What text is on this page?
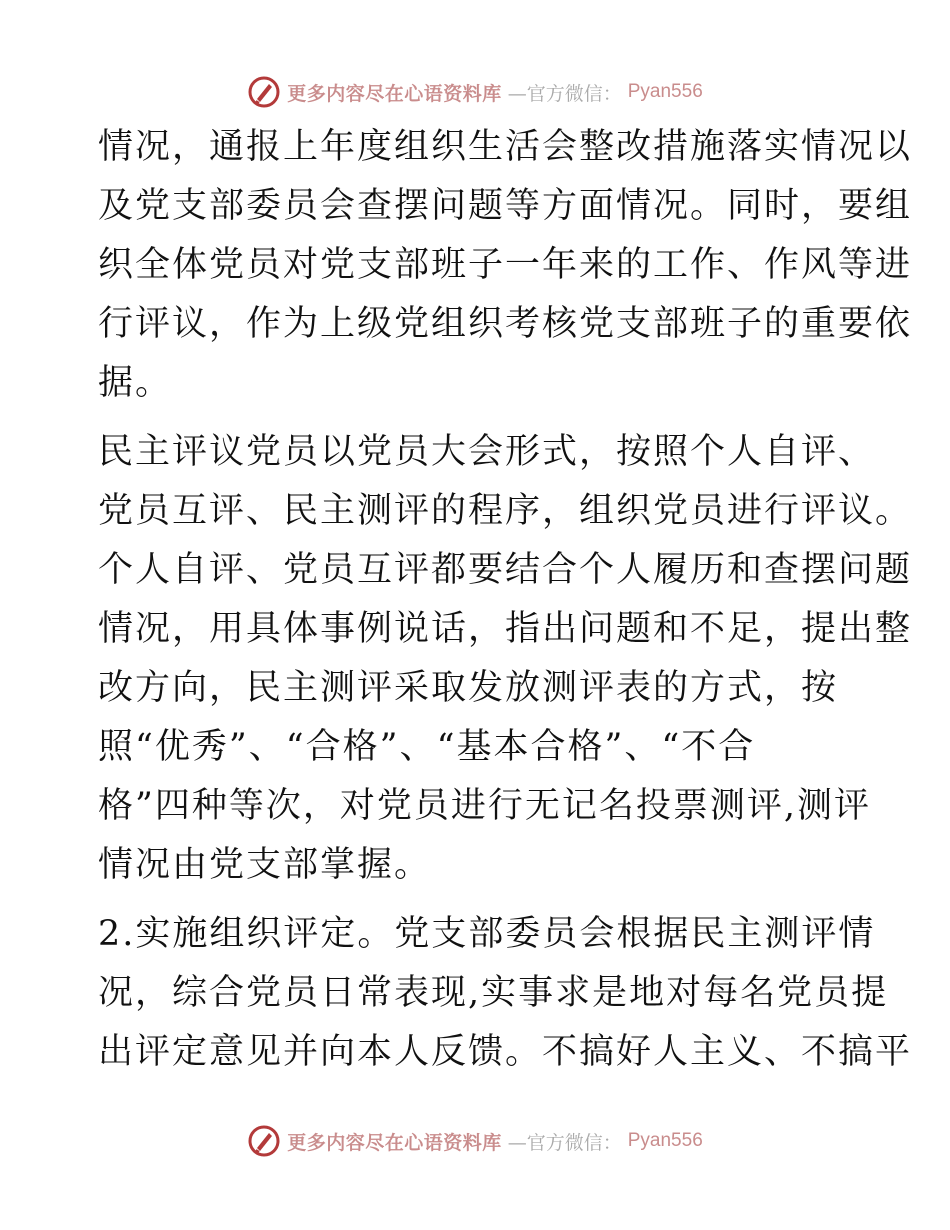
更多内容尽在心语资料库 —官方微信： Pyan556

情况，通报上年度组织生活会整改措施落实情况以
及党支部委员会查摆问题等方面情况。同时，要组
织全体党员对党支部班子一年来的工作、作风等进
行评议，作为上级党组织考核党支部班子的重要依
据。

民主评议党员以党员大会形式，按照个人自评、
党员互评、民主测评的程序，组织党员进行评议。
个人自评、党员互评都要结合个人履历和查摆问题
情况，用具体事例说话，指出问题和不足，提出整
改方向，民主测评采取发放测评表的方式，按
照“优秀”、“合格”、“基本合格”、“不合
格”四种等次，对党员进行无记名投票测评,测评
情况由党支部掌握。

2.实施组织评定。党支部委员会根据民主测评情
况，综合党员日常表现,实事求是地对每名党员提
出评定意见并向本人反馈。不搞好人主义、不搞平

更多内容尽在心语资料库 —官方微信： Pyan556
